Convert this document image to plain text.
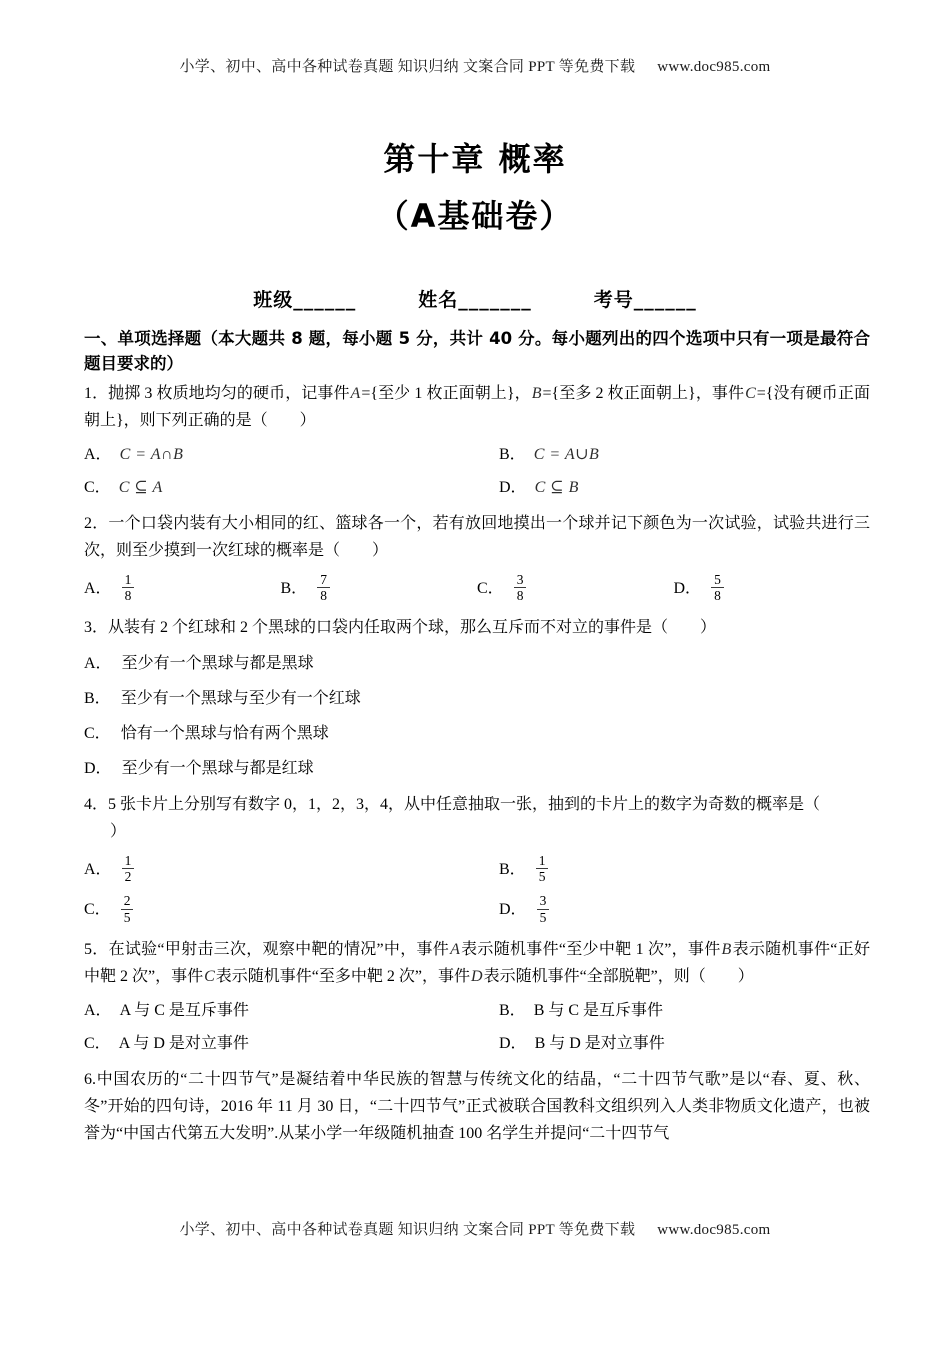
小学、初中、高中各种试卷真题 知识归纳 文案合同 PPT 等免费下载 www.doc985.com
第十章 概率
（A基础卷）
班级______	姓名_______	考号______
一、单项选择题（本大题共 8 题，每小题 5 分，共计 40 分。每小题列出的四个选项中只有一项是最符合题目要求的）
1．抛掷 3 枚质地均匀的硬币，记事件A={至少 1 枚正面朝上}，B={至多 2 枚正面朝上}，事件C={没有硬币正面朝上}，则下列正确的是（　　）
A． C = A∩B	B． C = A∪B
C． C ⊆ A	D． C ⊆ B
2．一个口袋内装有大小相同的红、篮球各一个，若有放回地摸出一个球并记下颜色为一次试验，试验共进行三次，则至少摸到一次红球的概率是（　　）
A． $\frac{1}{8}$	B． $\frac{7}{8}$	C． $\frac{3}{8}$	D． $\frac{5}{8}$
3．从装有 2 个红球和 2 个黑球的口袋内任取两个球，那么互斥而不对立的事件是（　　）
A． 至少有一个黑球与都是黑球
B． 至少有一个黑球与至少有一个红球
C． 恰有一个黑球与恰有两个黑球
D． 至少有一个黑球与都是红球
4．5 张卡片上分别写有数字 0，1，2，3，4，从中任意抽取一张，抽到的卡片上的数字为奇数的概率是（
）
A． $\frac{1}{2}$	B． $\frac{1}{5}$
C． $\frac{2}{5}$	D． $\frac{3}{5}$
5．在试验“甲射击三次，观察中靶的情况”中，事件A表示随机事件“至少中靶 1 次”，事件B表示随机事件“正好中靶 2 次”，事件C表示随机事件“至多中靶 2 次”，事件D表示随机事件“全部脱靶”，则（　　）
A． A 与 C 是互斥事件	B． B 与 C 是互斥事件
C． A 与 D 是对立事件	D． B 与 D 是对立事件
6.中国农历的“二十四节气”是凝结着中华民族的智慧与传统文化的结晶，“二十四节气歌”是以“春、夏、秋、冬”开始的四句诗，2016 年 11 月 30 日，“二十四节气”正式被联合国教科文组织列入人类非物质文化遗产，也被誉为“中国古代第五大发明”.从某小学一年级随机抽查 100 名学生并提问“二十四节气
小学、初中、高中各种试卷真题 知识归纳 文案合同 PPT 等免费下载 www.doc985.com
